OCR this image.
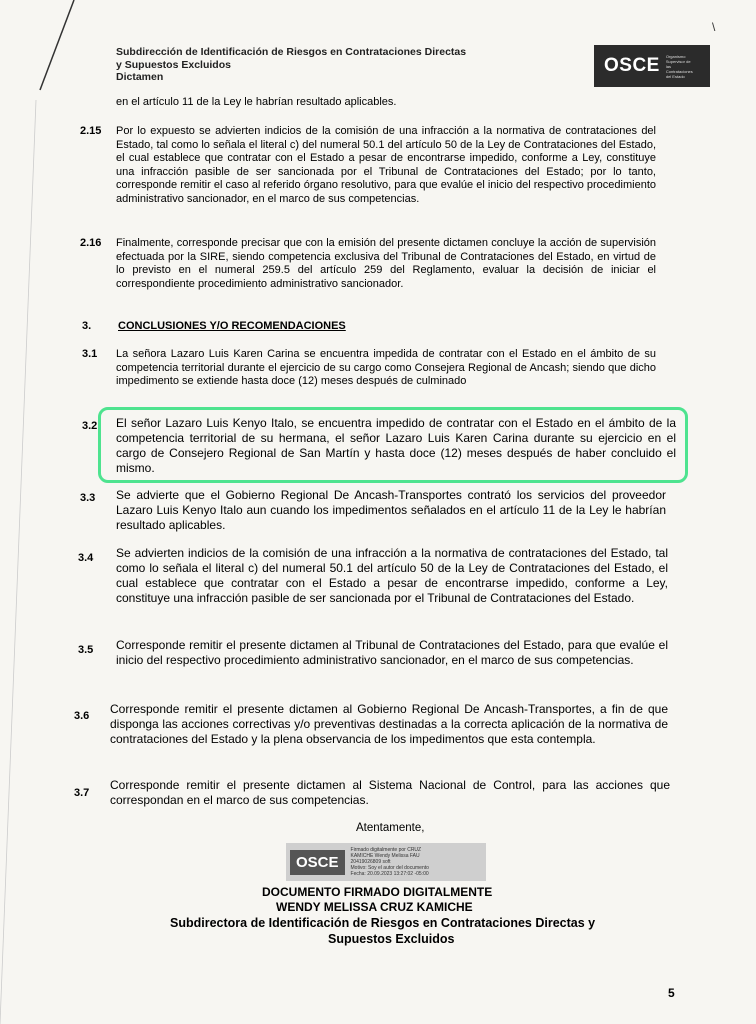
\
Subdirección de Identificación de Riesgos en Contrataciones Directas
y Supuestos Excluidos
Dictamen
OSCE Organismo Supervisor de las Contrataciones del Estado
en el artículo 11 de la Ley le habrían resultado aplicables.
2.15 Por lo expuesto se advierten indicios de la comisión de una infracción a la normativa de contrataciones del Estado, tal como lo señala el literal c) del numeral 50.1 del artículo 50 de la Ley de Contrataciones del Estado, el cual establece que contratar con el Estado a pesar de encontrarse impedido, conforme a Ley, constituye una infracción pasible de ser sancionada por el Tribunal de Contrataciones del Estado; por lo tanto, corresponde remitir el caso al referido órgano resolutivo, para que evalúe el inicio del respectivo procedimiento administrativo sancionador, en el marco de sus competencias.
2.16 Finalmente, corresponde precisar que con la emisión del presente dictamen concluye la acción de supervisión efectuada por la SIRE, siendo competencia exclusiva del Tribunal de Contrataciones del Estado, en virtud de lo previsto en el numeral 259.5 del artículo 259 del Reglamento, evaluar la decisión de iniciar el correspondiente procedimiento administrativo sancionador.
3. CONCLUSIONES Y/O RECOMENDACIONES
3.1 La señora Lazaro Luis Karen Carina se encuentra impedida de contratar con el Estado en el ámbito de su competencia territorial durante el ejercicio de su cargo como Consejera Regional de Ancash; siendo que dicho impedimento se extiende hasta doce (12) meses después de culminado
3.2 El señor Lazaro Luis Kenyo Italo, se encuentra impedido de contratar con el Estado en el ámbito de la competencia territorial de su hermana, el señor Lazaro Luis Karen Carina durante su ejercicio en el cargo de Consejero Regional de San Martín y hasta doce (12) meses después de haber concluido el mismo.
3.3 Se advierte que el Gobierno Regional De Ancash-Transportes contrató los servicios del proveedor Lazaro Luis Kenyo Italo aun cuando los impedimentos señalados en el artículo 11 de la Ley le habrían resultado aplicables.
3.4 Se advierten indicios de la comisión de una infracción a la normativa de contrataciones del Estado, tal como lo señala el literal c) del numeral 50.1 del artículo 50 de la Ley de Contrataciones del Estado, el cual establece que contratar con el Estado a pesar de encontrarse impedido, conforme a Ley, constituye una infracción pasible de ser sancionada por el Tribunal de Contrataciones del Estado.
3.5 Corresponde remitir el presente dictamen al Tribunal de Contrataciones del Estado, para que evalúe el inicio del respectivo procedimiento administrativo sancionador, en el marco de sus competencias.
3.6 Corresponde remitir el presente dictamen al Gobierno Regional De Ancash-Transportes, a fin de que disponga las acciones correctivas y/o preventivas destinadas a la correcta aplicación de la normativa de contrataciones del Estado y la plena observancia de los impedimentos que esta contempla.
3.7
Corresponde remitir el presente dictamen al Sistema Nacional de Control, para las acciones que correspondan en el marco de sus competencias.
Atentamente,
OSCE
Firmado digitalmente por CRUZ
KAMICHE Wendy Melissa FAU
20419026809 soft
Motivo: Soy el autor del documento
Fecha: 20.09.2023 13:27:02 -05:00
DOCUMENTO FIRMADO DIGITALMENTE
WENDY MELISSA CRUZ KAMICHE
Subdirectora de Identificación de Riesgos en Contrataciones Directas y
Supuestos Excluidos
5
